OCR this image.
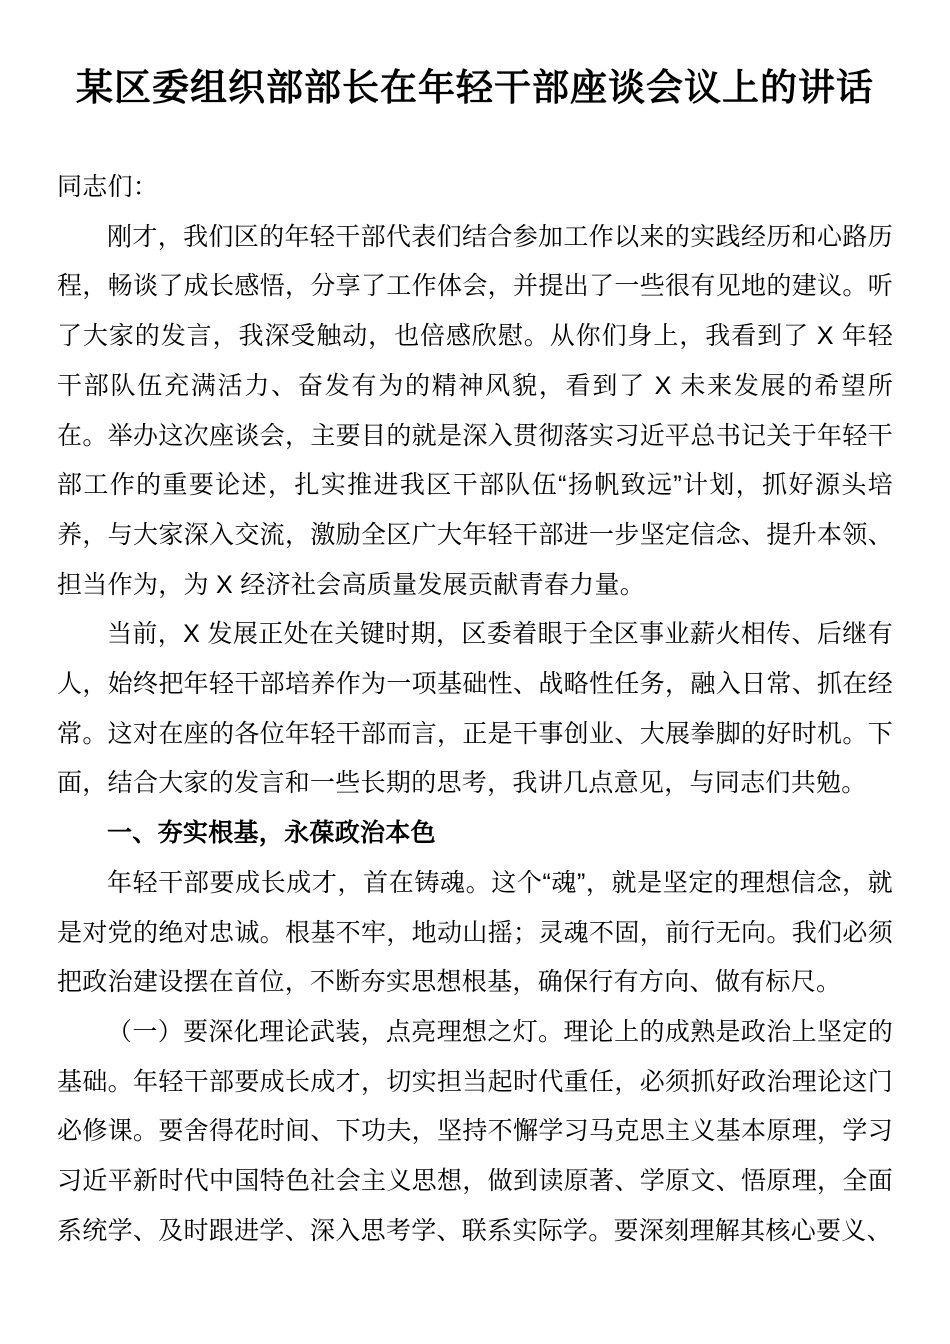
某区委组织部部长在年轻干部座谈会议上的讲话

同志们：

刚才，我们区的年轻干部代表们结合参加工作以来的实践经历和心路历程，畅谈了成长感悟，分享了工作体会，并提出了一些很有见地的建议。听了大家的发言，我深受触动，也倍感欣慰。从你们身上，我看到了 X 年轻干部队伍充满活力、奋发有为的精神风貌，看到了 X 未来发展的希望所在。举办这次座谈会，主要目的就是深入贯彻落实习近平总书记关于年轻干部工作的重要论述，扎实推进我区干部队伍“扬帆致远”计划，抓好源头培养，与大家深入交流，激励全区广大年轻干部进一步坚定信念、提升本领、担当作为，为 X 经济社会高质量发展贡献青春力量。

当前，X 发展正处在关键时期，区委着眼于全区事业薪火相传、后继有人，始终把年轻干部培养作为一项基础性、战略性任务，融入日常、抓在经常。这对在座的各位年轻干部而言，正是干事创业、大展拳脚的好时机。下面，结合大家的发言和一些长期的思考，我讲几点意见，与同志们共勉。

一、夯实根基，永葆政治本色

年轻干部要成长成才，首在铸魂。这个“魂”，就是坚定的理想信念，就是对党的绝对忠诚。根基不牢，地动山摇；灵魂不固，前行无向。我们必须把政治建设摆在首位，不断夯实思想根基，确保行有方向、做有标尺。

（一）要深化理论武装，点亮理想之灯。理论上的成熟是政治上坚定的基础。年轻干部要成长成才，切实担当起时代重任，必须抓好政治理论这门必修课。要舍得花时间、下功夫，坚持不懈学习马克思主义基本原理，学习习近平新时代中国特色社会主义思想，做到读原著、学原文、悟原理，全面系统学、及时跟进学、深入思考学、联系实际学。要深刻理解其核心要义、
